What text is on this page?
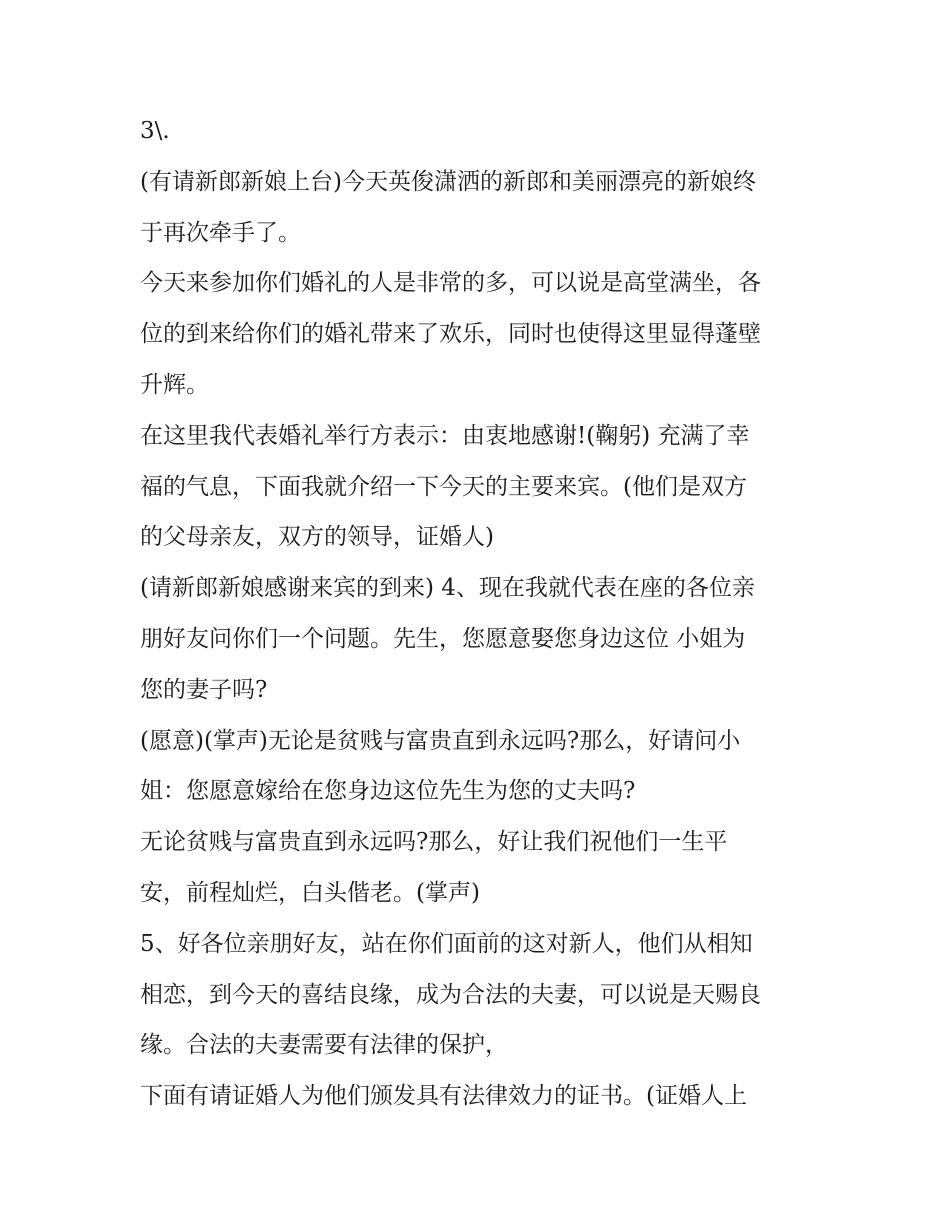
3\.
(有请新郎新娘上台)今天英俊潇洒的新郎和美丽漂亮的新娘终
于再次牵手了。
今天来参加你们婚礼的人是非常的多，可以说是高堂满坐，各
位的到来给你们的婚礼带来了欢乐，同时也使得这里显得蓬壁
升辉。
在这里我代表婚礼举行方表示：由衷地感谢!(鞠躬) 充满了幸
福的气息，下面我就介绍一下今天的主要来宾。(他们是双方
的父母亲友，双方的领导，证婚人)
(请新郎新娘感谢来宾的到来) 4、现在我就代表在座的各位亲
朋好友问你们一个问题。先生，您愿意娶您身边这位 小姐为
您的妻子吗?
(愿意)(掌声)无论是贫贱与富贵直到永远吗?那么，好请问小
姐：您愿意嫁给在您身边这位先生为您的丈夫吗?
无论贫贱与富贵直到永远吗?那么，好让我们祝他们一生平
安，前程灿烂，白头偕老。(掌声)
5、好各位亲朋好友，站在你们面前的这对新人，他们从相知
相恋，到今天的喜结良缘，成为合法的夫妻，可以说是天赐良
缘。合法的夫妻需要有法律的保护，
下面有请证婚人为他们颁发具有法律效力的证书。(证婚人上
